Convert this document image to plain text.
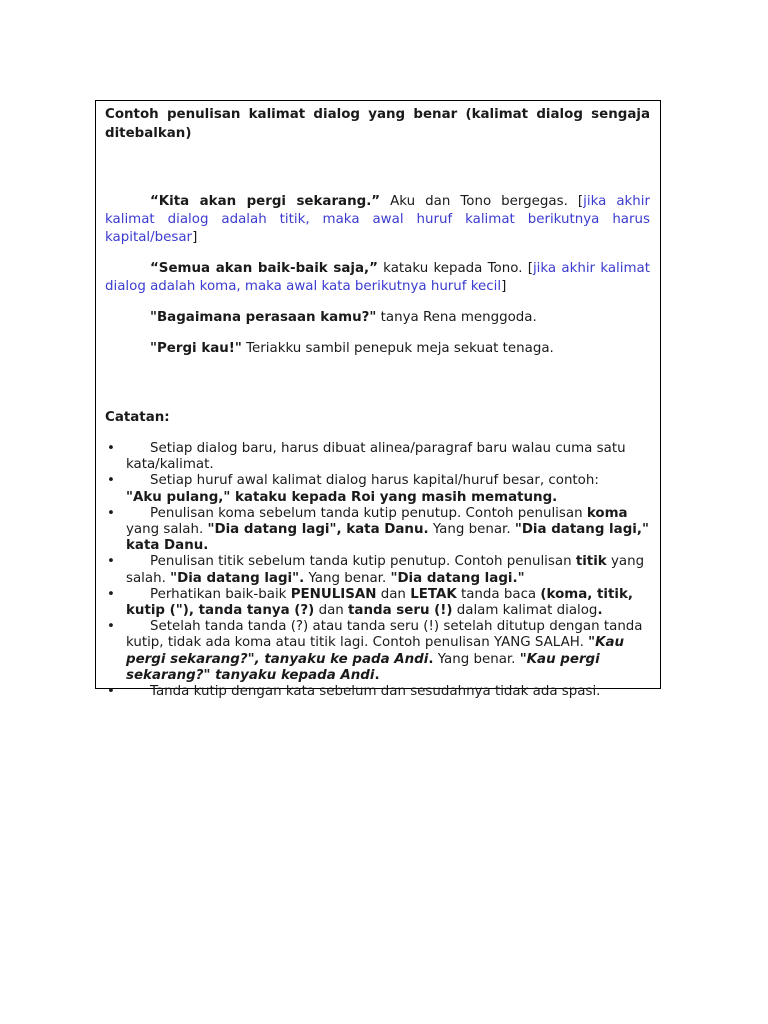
Contoh penulisan kalimat dialog yang benar (kalimat dialog sengaja ditebalkan)

“Kita akan pergi sekarang.” Aku dan Tono bergegas. [jika akhir kalimat dialog adalah titik, maka awal huruf kalimat berikutnya harus kapital/besar]

“Semua akan baik-baik saja,” kataku kepada Tono. [jika akhir kalimat dialog adalah koma, maka awal kata berikutnya huruf kecil]

"Bagaimana perasaan kamu?" tanya Rena menggoda.

"Pergi kau!" Teriakku sambil penepuk meja sekuat tenaga.

Catatan:

•	Setiap dialog baru, harus dibuat alinea/paragraf baru walau cuma satu kata/kalimat.
•	Setiap huruf awal kalimat dialog harus kapital/huruf besar, contoh:
"Aku pulang," kataku kepada Roi yang masih mematung.
•	Penulisan koma sebelum tanda kutip penutup. Contoh penulisan koma yang salah. "Dia datang lagi", kata Danu. Yang benar. "Dia datang lagi," kata Danu.
•	Penulisan titik sebelum tanda kutip penutup. Contoh penulisan titik yang salah. "Dia datang lagi". Yang benar. "Dia datang lagi."
•	Perhatikan baik-baik PENULISAN dan LETAK tanda baca (koma, titik, kutip ("), tanda tanya (?) dan tanda seru (!) dalam kalimat dialog.
•	Setelah tanda tanda (?) atau tanda seru (!) setelah ditutup dengan tanda kutip, tidak ada koma atau titik lagi. Contoh penulisan YANG SALAH. "Kau pergi sekarang?", tanyaku ke pada Andi. Yang benar. "Kau pergi sekarang?" tanyaku kepada Andi.
•	Tanda kutip dengan kata sebelum dan sesudahnya tidak ada spasi.
